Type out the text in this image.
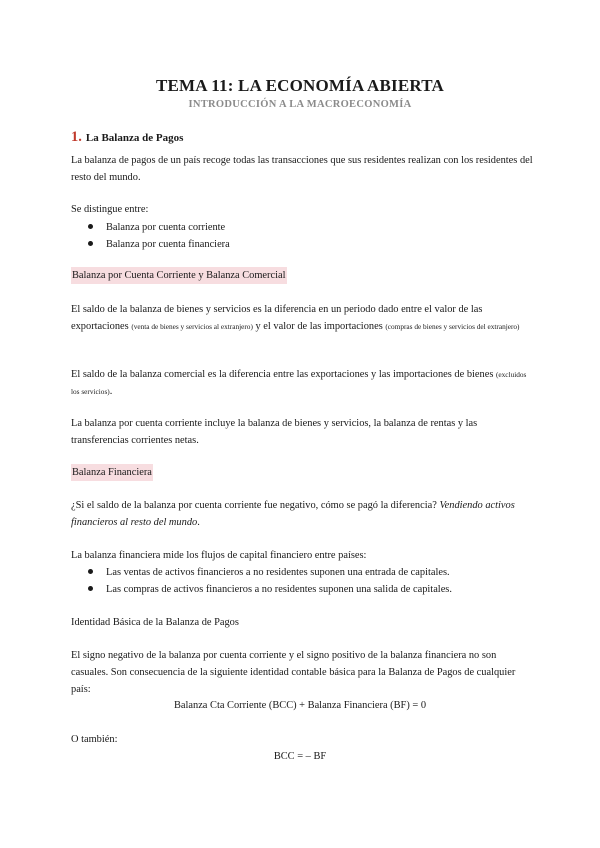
TEMA 11: LA ECONOMÍA ABIERTA
INTRODUCCIÓN A LA MACROECONOMÍA
1. La Balanza de Pagos
La balanza de pagos de un país recoge todas las transacciones que sus residentes realizan con los residentes del resto del mundo.
Se distingue entre:
Balanza por cuenta corriente
Balanza por cuenta financiera
Balanza por Cuenta Corriente y Balanza Comercial
El saldo de la balanza de bienes y servicios es la diferencia en un periodo dado entre el valor de las exportaciones (venta de bienes y servicios al extranjero) y el valor de las importaciones (compras de bienes y servicios del extranjero)
El saldo de la balanza comercial es la diferencia entre las exportaciones y las importaciones de bienes (excluidos los servicios).
La balanza por cuenta corriente incluye la balanza de bienes y servicios, la balanza de rentas y las transferencias corrientes netas.
Balanza Financiera
¿Si el saldo de la balanza por cuenta corriente fue negativo, cómo se pagó la diferencia? Vendiendo activos financieros al resto del mundo.
La balanza financiera mide los flujos de capital financiero entre países:
Las ventas de activos financieros a no residentes suponen una entrada de capitales.
Las compras de activos financieros a no residentes suponen una salida de capitales.
Identidad Básica de la Balanza de Pagos
El signo negativo de la balanza por cuenta corriente y el signo positivo de la balanza financiera no son casuales. Son consecuencia de la siguiente identidad contable básica para la Balanza de Pagos de cualquier país:
Balanza Cta Corriente (BCC) + Balanza Financiera (BF) = 0
O también:
BCC = – BF
